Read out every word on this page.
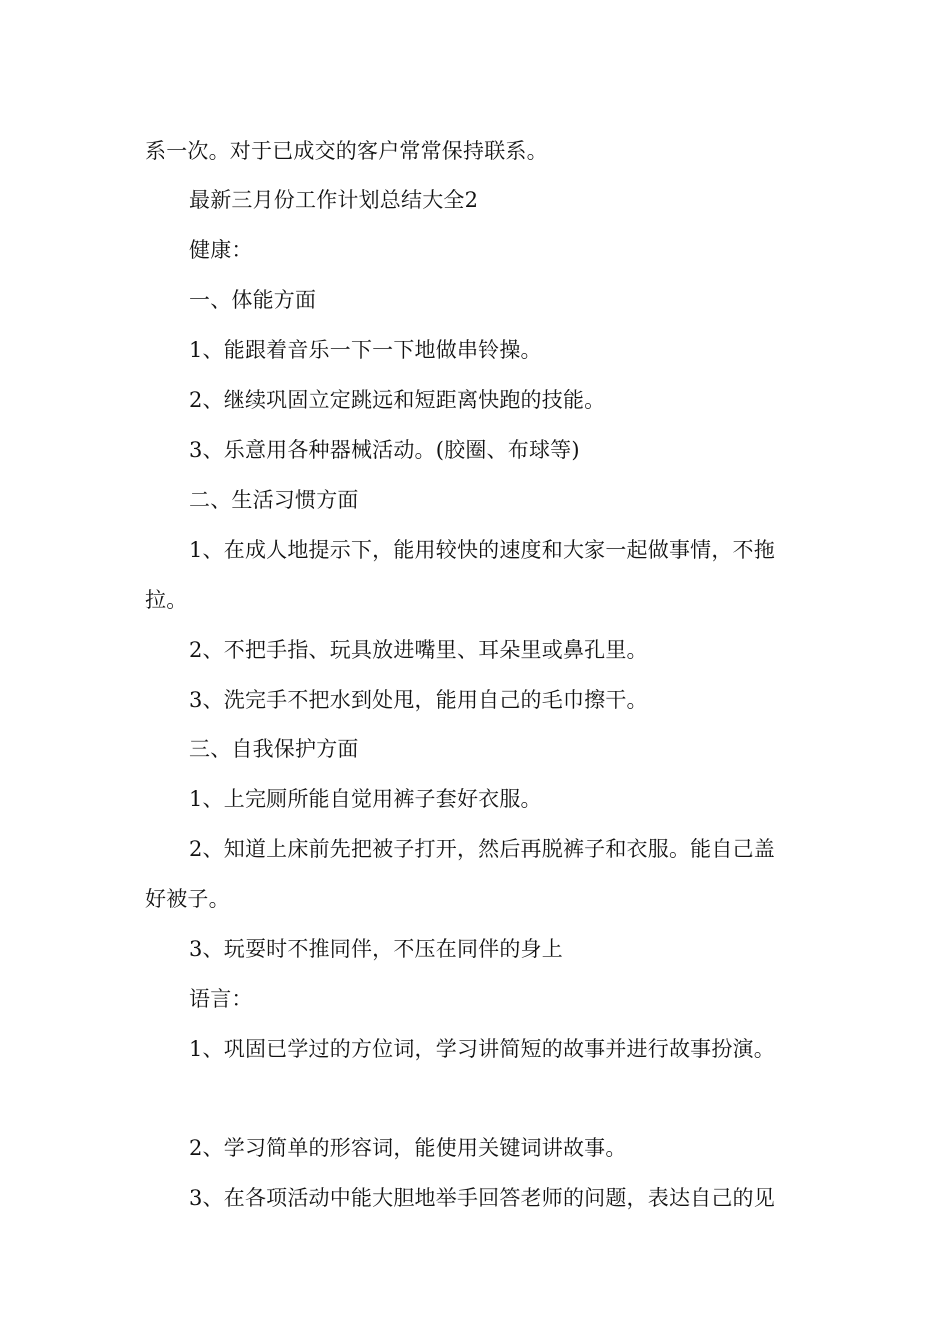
系一次。对于已成交的客户常常保持联系。
最新三月份工作计划总结大全2
健康：
一、体能方面
1、能跟着音乐一下一下地做串铃操。
2、继续巩固立定跳远和短距离快跑的技能。
3、乐意用各种器械活动。(胶圈、布球等)
二、生活习惯方面
1、在成人地提示下，能用较快的速度和大家一起做事情，不拖
拉。
2、不把手指、玩具放进嘴里、耳朵里或鼻孔里。
3、洗完手不把水到处甩，能用自己的毛巾擦干。
三、自我保护方面
1、上完厕所能自觉用裤子套好衣服。
2、知道上床前先把被子打开，然后再脱裤子和衣服。能自己盖
好被子。
3、玩耍时不推同伴，不压在同伴的身上
语言：
1、巩固已学过的方位词，学习讲简短的故事并进行故事扮演。
2、学习简单的形容词，能使用关键词讲故事。
3、在各项活动中能大胆地举手回答老师的问题，表达自己的见
